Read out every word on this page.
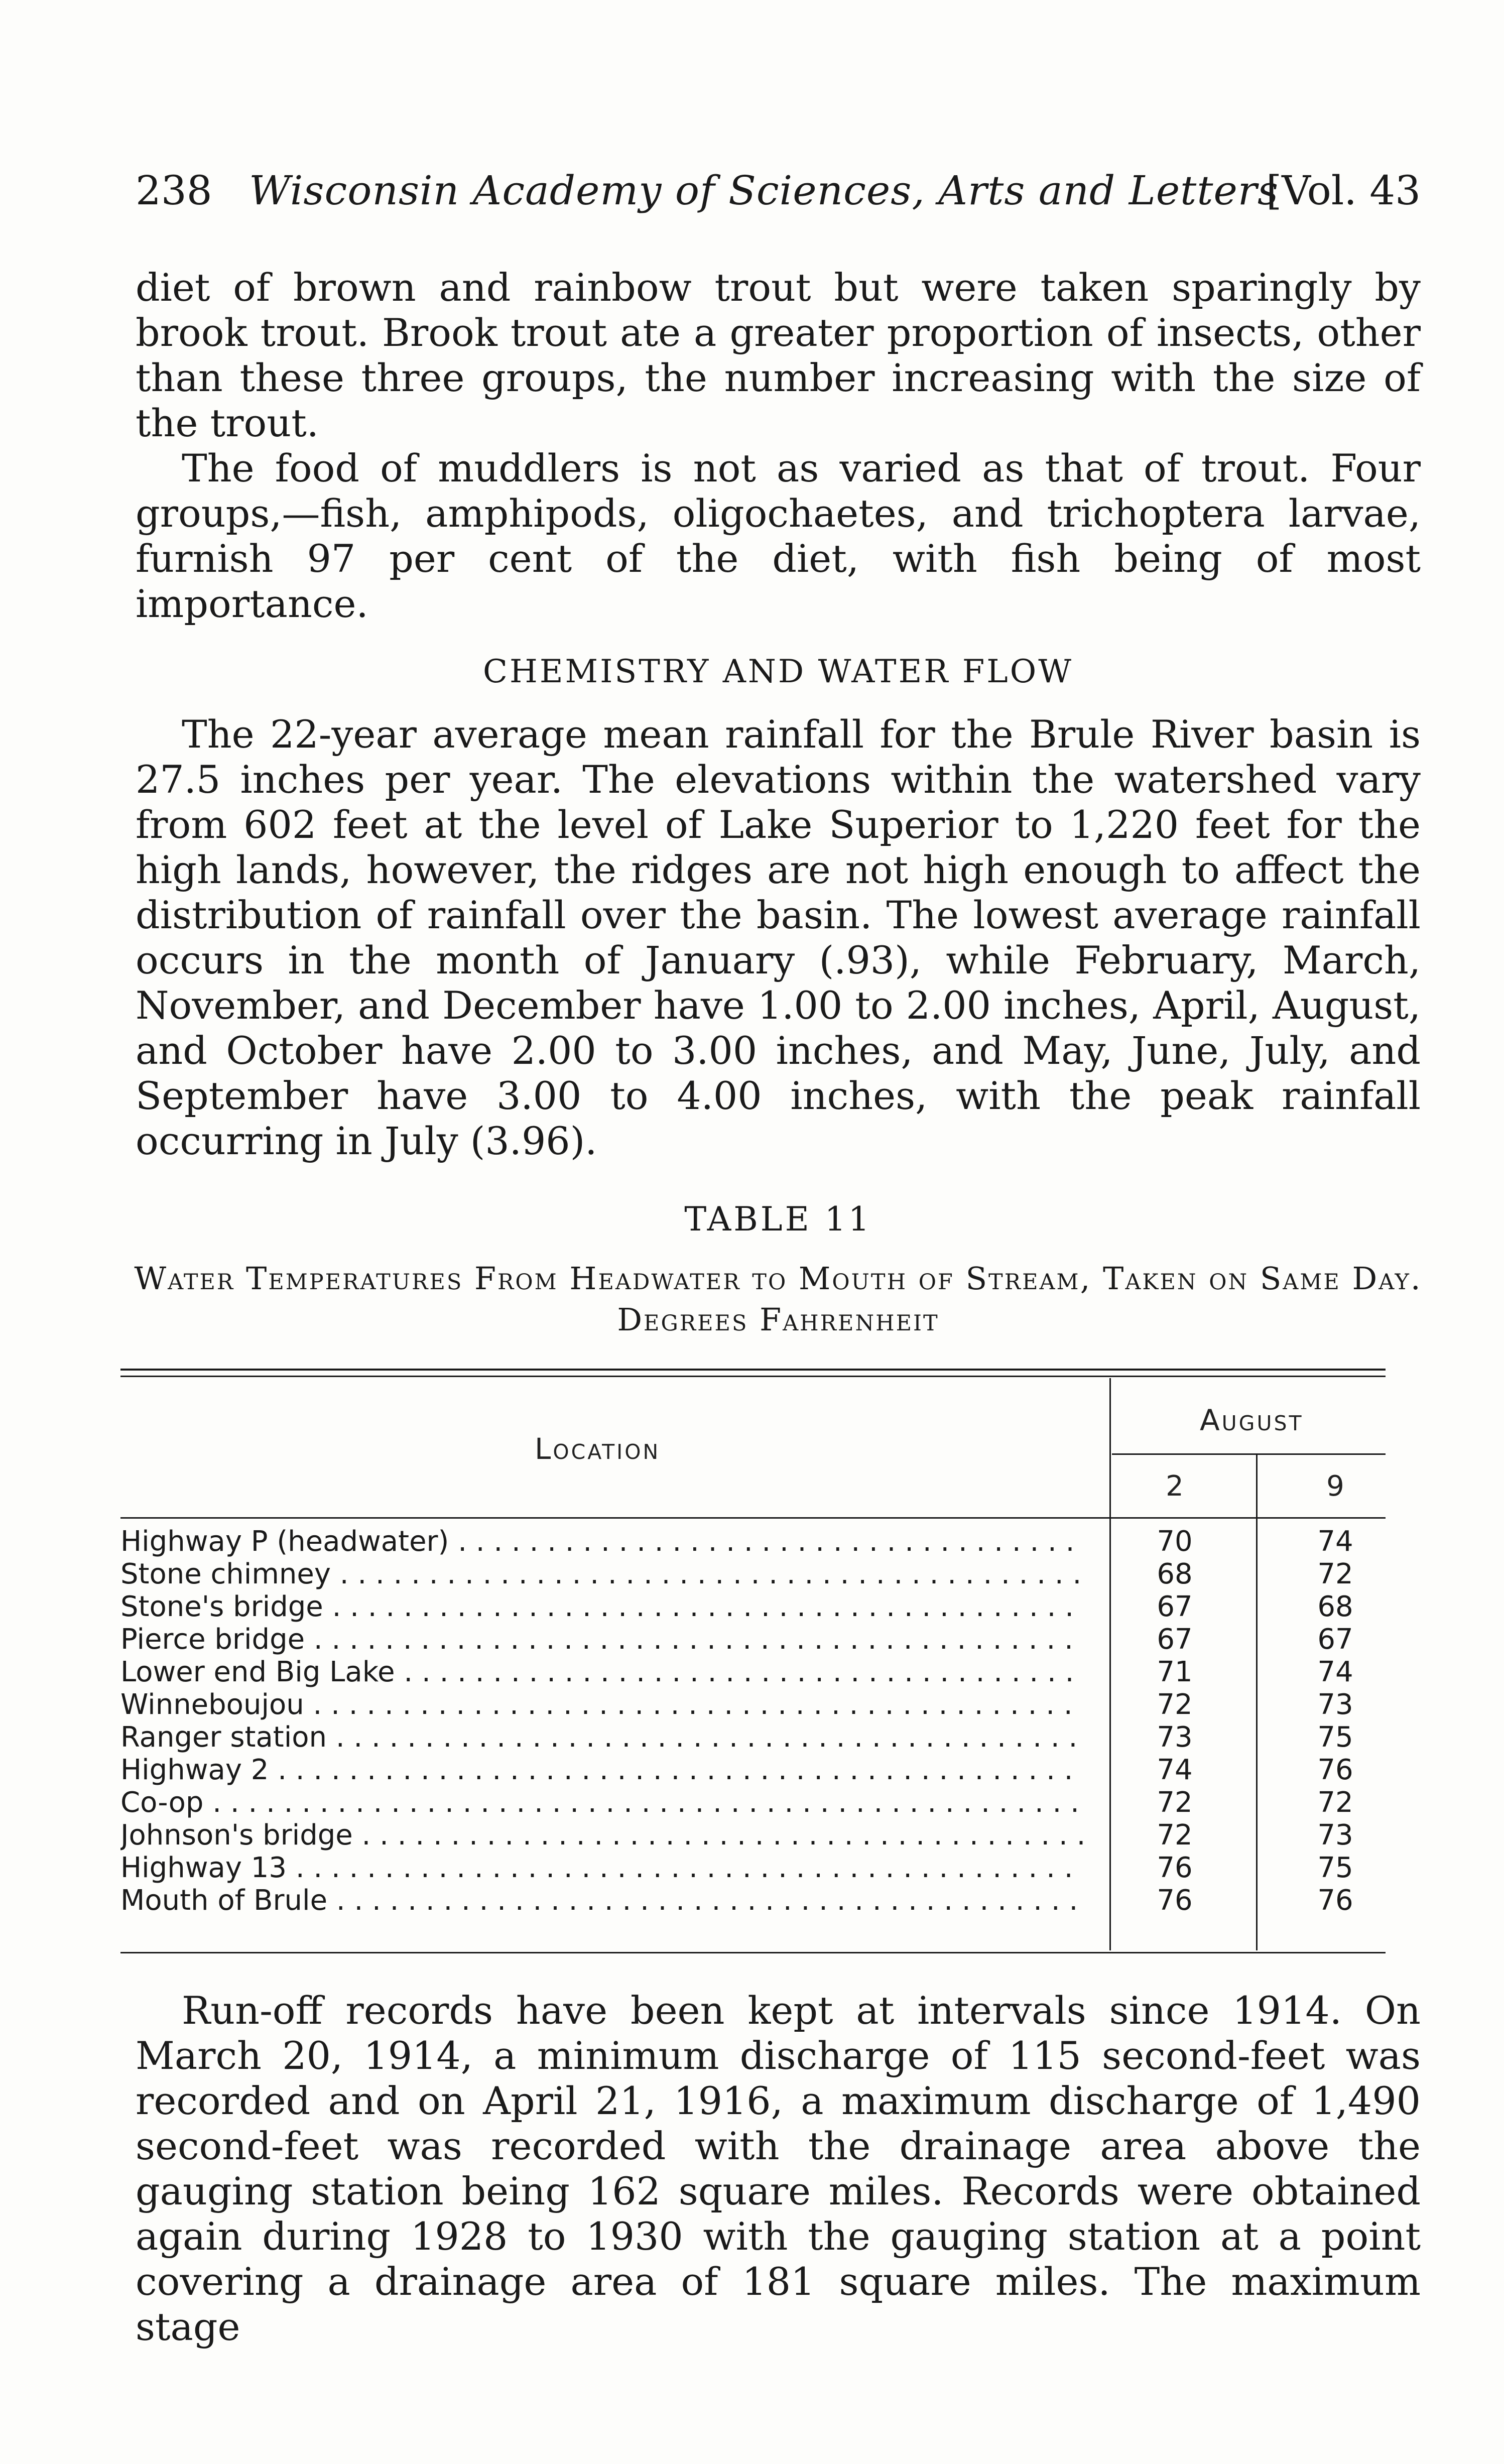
238 Wisconsin Academy of Sciences, Arts and Letters
[Vol. 43

diet of brown and rainbow trout but were taken sparingly by brook trout. Brook trout ate a greater proportion of insects, other than these three groups, the number increasing with the size of the trout.

The food of muddlers is not as varied as that of trout. Four groups,—fish, amphipods, oligochaetes, and trichoptera larvae, furnish 97 per cent of the diet, with fish being of most importance.

CHEMISTRY AND WATER FLOW

The 22-year average mean rainfall for the Brule River basin is 27.5 inches per year. The elevations within the watershed vary from 602 feet at the level of Lake Superior to 1,220 feet for the high lands, however, the ridges are not high enough to affect the distribution of rainfall over the basin. The lowest average rainfall occurs in the month of January (.93), while February, March, November, and December have 1.00 to 2.00 inches, April, August, and October have 2.00 to 3.00 inches, and May, June, July, and September have 3.00 to 4.00 inches, with the peak rainfall occurring in July (3.96).

TABLE 11
Water Temperatures From Headwater to Mouth of Stream, Taken on Same Day. Degrees Fahrenheit
Location
August
2	9
Highway P (headwater) . . .	70	74
Stone chimney . . .	68	72
Stone's bridge . . .	67	68
Pierce bridge . . .	67	67
Lower end Big Lake . . .	71	74
Winneboujou . . .	72	73
Ranger station . . .	73	75
Highway 2 . . .	74	76
Co-op . . .	72	72
Johnson's bridge . . .	72	73
Highway 13 . . .	76	75
Mouth of Brule . . .	76	76

Run-off records have been kept at intervals since 1914. On March 20, 1914, a minimum discharge of 115 second-feet was recorded and on April 21, 1916, a maximum discharge of 1,490 second-feet was recorded with the drainage area above the gauging station being 162 square miles. Records were obtained again during 1928 to 1930 with the gauging station at a point covering a drainage area of 181 square miles. The maximum stage
